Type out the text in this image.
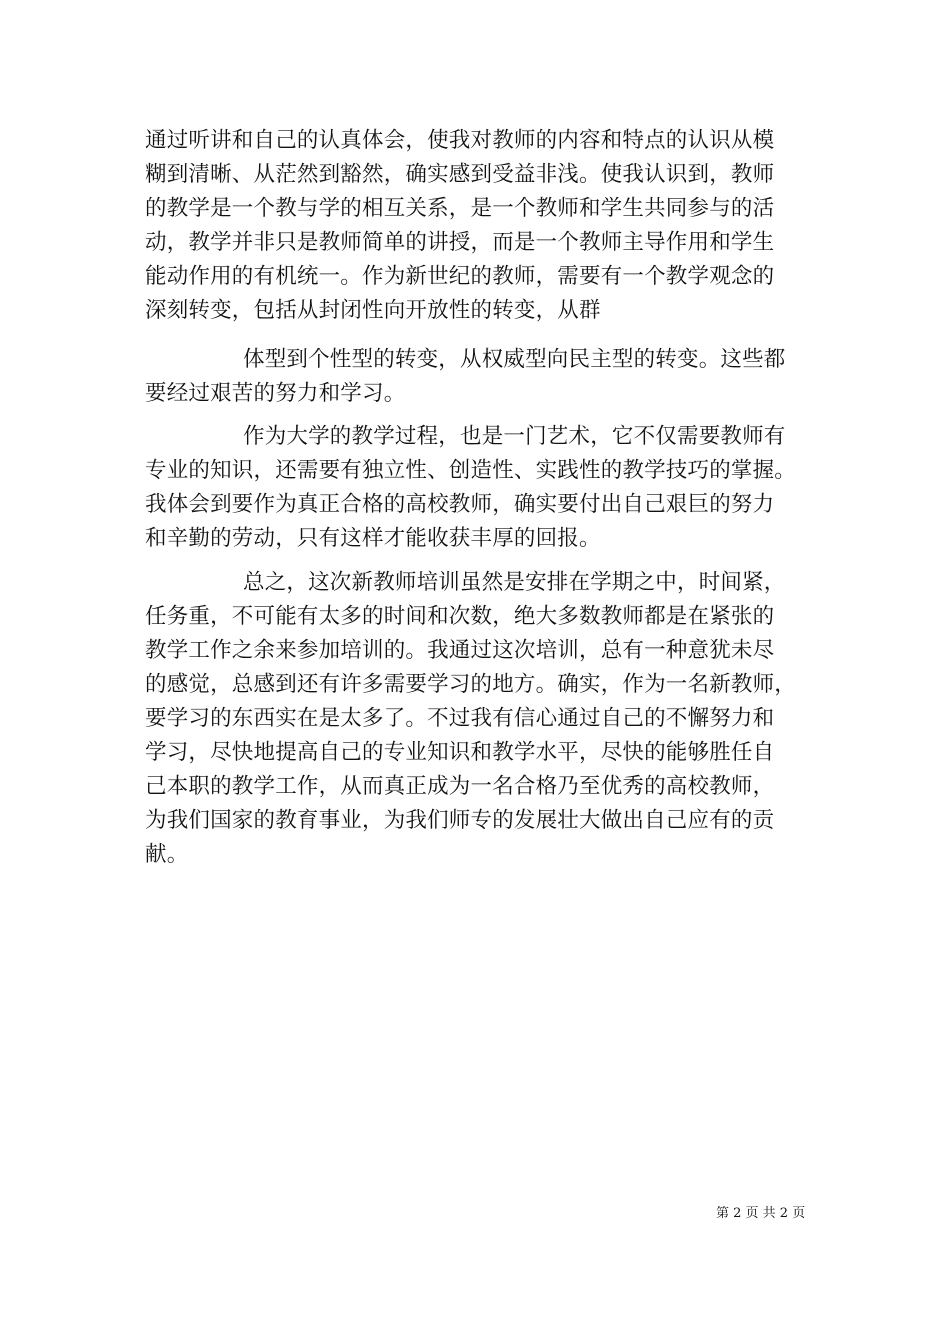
通过听讲和自己的认真体会，使我对教师的内容和特点的认识从模
糊到清晰、从茫然到豁然，确实感到受益非浅。使我认识到，教师
的教学是一个教与学的相互关系，是一个教师和学生共同参与的活
动，教学并非只是教师简单的讲授，而是一个教师主导作用和学生
能动作用的有机统一。作为新世纪的教师，需要有一个教学观念的
深刻转变，包括从封闭性向开放性的转变，从群
体型到个性型的转变，从权威型向民主型的转变。这些都
要经过艰苦的努力和学习。
作为大学的教学过程，也是一门艺术，它不仅需要教师有
专业的知识，还需要有独立性、创造性、实践性的教学技巧的掌握。
我体会到要作为真正合格的高校教师，确实要付出自己艰巨的努力
和辛勤的劳动，只有这样才能收获丰厚的回报。
总之，这次新教师培训虽然是安排在学期之中，时间紧，
任务重，不可能有太多的时间和次数，绝大多数教师都是在紧张的
教学工作之余来参加培训的。我通过这次培训，总有一种意犹未尽
的感觉，总感到还有许多需要学习的地方。确实，作为一名新教师，
要学习的东西实在是太多了。不过我有信心通过自己的不懈努力和
学习，尽快地提高自己的专业知识和教学水平，尽快的能够胜任自
己本职的教学工作，从而真正成为一名合格乃至优秀的高校教师，
为我们国家的教育事业，为我们师专的发展壮大做出自己应有的贡
献。
第 2 页 共 2 页
